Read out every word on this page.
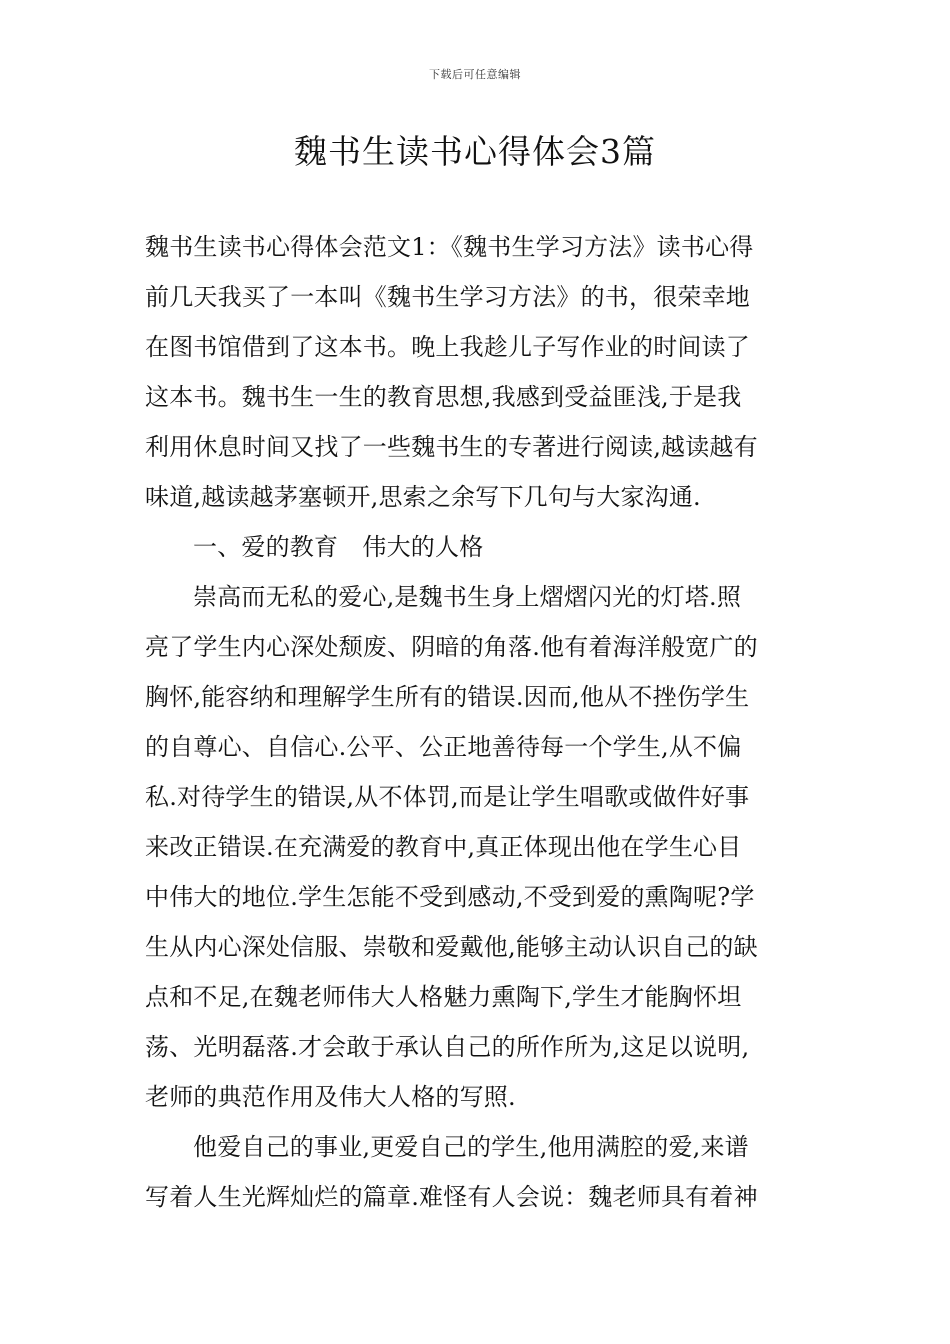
下载后可任意编辑
魏书生读书心得体会3篇
魏书生读书心得体会范文1：《魏书生学习方法》读书心得
前几天我买了一本叫《魏书生学习方法》的书，很荣幸地
在图书馆借到了这本书。晚上我趁儿子写作业的时间读了
这本书。魏书生一生的教育思想,我感到受益匪浅,于是我
利用休息时间又找了一些魏书生的专著进行阅读,越读越有
味道,越读越茅塞顿开,思索之余写下几句与大家沟通.
一、爱的教育　伟大的人格
崇高而无私的爱心,是魏书生身上熠熠闪光的灯塔.照
亮了学生内心深处颓废、阴暗的角落.他有着海洋般宽广的
胸怀,能容纳和理解学生所有的错误.因而,他从不挫伤学生
的自尊心、自信心.公平、公正地善待每一个学生,从不偏
私.对待学生的错误,从不体罚,而是让学生唱歌或做件好事
来改正错误.在充满爱的教育中,真正体现出他在学生心目
中伟大的地位.学生怎能不受到感动,不受到爱的熏陶呢?学
生从内心深处信服、崇敬和爱戴他,能够主动认识自己的缺
点和不足,在魏老师伟大人格魅力熏陶下,学生才能胸怀坦
荡、光明磊落.才会敢于承认自己的所作所为,这足以说明,
老师的典范作用及伟大人格的写照.
他爱自己的事业,更爱自己的学生,他用满腔的爱,来谱
写着人生光辉灿烂的篇章.难怪有人会说：魏老师具有着神
